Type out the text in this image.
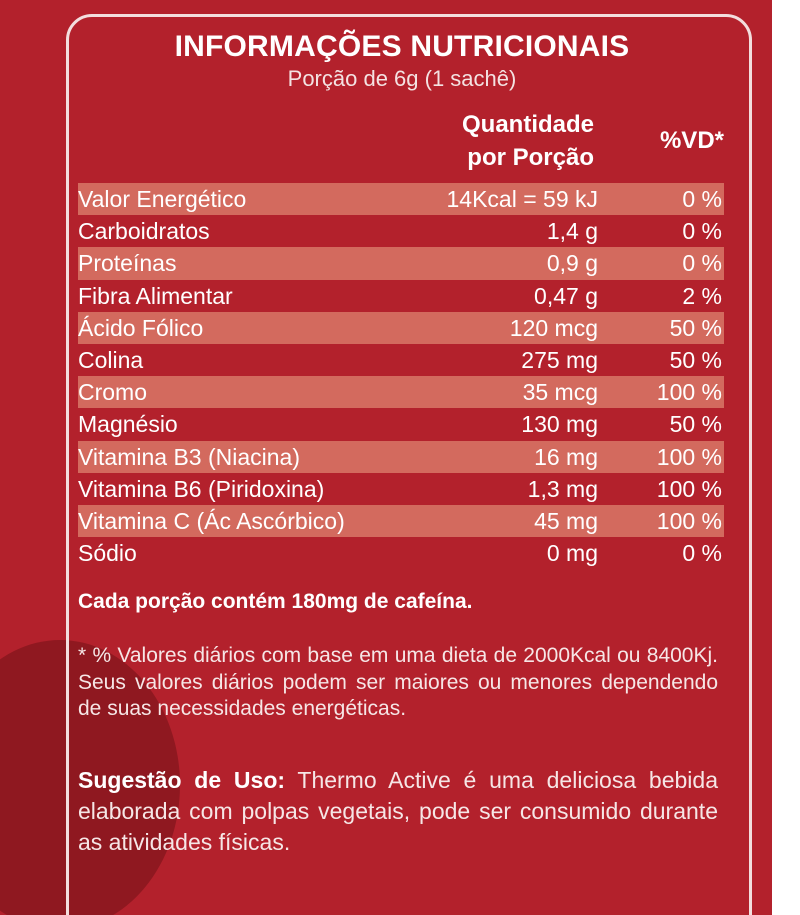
INFORMAÇÕES NUTRICIONAIS
Porção de 6g (1 sachê)
Quantidade
por Porção
%VD*
Valor Energético	14Kcal = 59 kJ	0 %
Carboidratos	1,4 g	0 %
Proteínas	0,9 g	0 %
Fibra Alimentar	0,47 g	2 %
Ácido Fólico	120 mcg	50 %
Colina	275 mg	50 %
Cromo	35 mcg	100 %
Magnésio	130 mg	50 %
Vitamina B3 (Niacina)	16 mg	100 %
Vitamina B6 (Piridoxina)	1,3 mg	100 %
Vitamina C (Ác Ascórbico)	45 mg	100 %
Sódio	0 mg	0 %
Cada porção contém 180mg de cafeína.
* % Valores diários com base em uma dieta de 2000Kcal ou 8400Kj. Seus valores diários podem ser maiores ou menores dependendo de suas necessidades energéticas.
Sugestão de Uso: Thermo Active é uma deliciosa bebida elaborada com polpas vegetais, pode ser consumido durante as atividades físicas.
